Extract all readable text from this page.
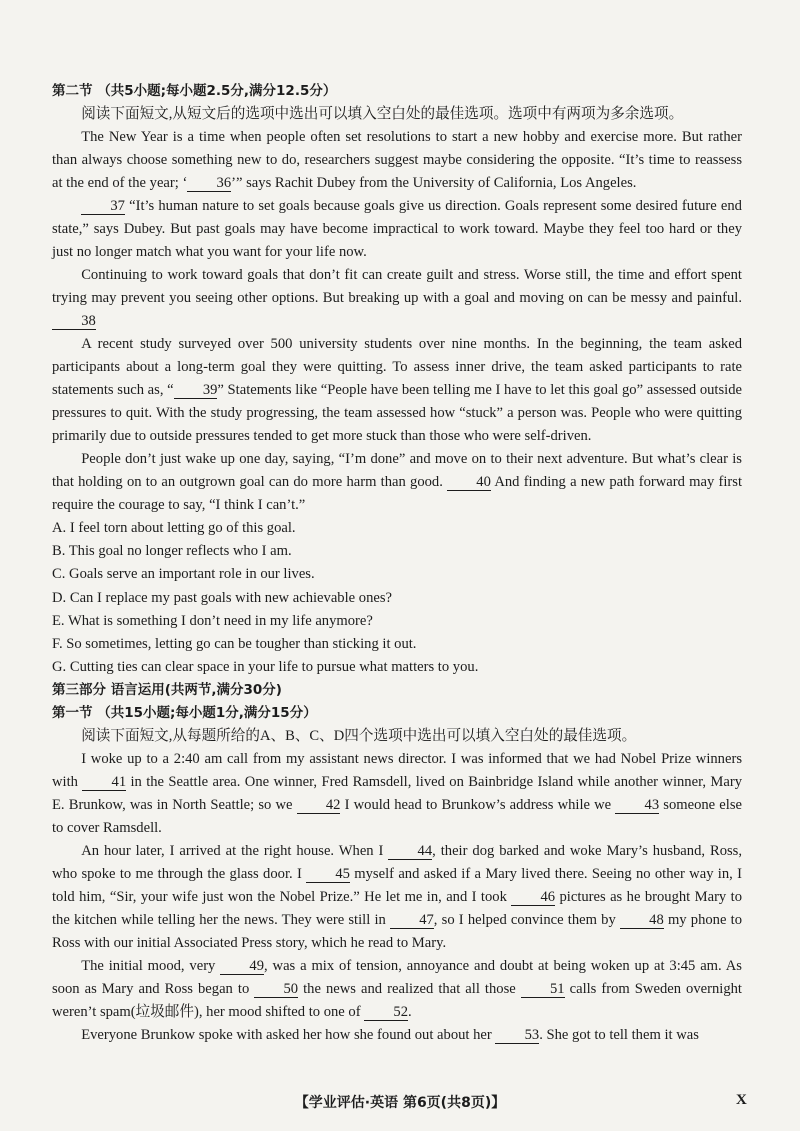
第二节 （共5小题;每小题2.5分,满分12.5分）

阅读下面短文,从短文后的选项中选出可以填入空白处的最佳选项。选项中有两项为多余选项。

The New Year is a time when people often set resolutions to start a new hobby and exercise more. But rather than always choose something new to do, researchers suggest maybe considering the opposite. “It’s time to reassess at the end of the year; ‘ 36’” says Rachit Dubey from the University of California, Los Angeles.

37 “It’s human nature to set goals because goals give us direction. Goals represent some desired future end state,” says Dubey. But past goals may have become impractical to work toward. Maybe they feel too hard or they just no longer match what you want for your life now.

Continuing to work toward goals that don’t fit can create guilt and stress. Worse still, the time and effort spent trying may prevent you seeing other options. But breaking up with a goal and moving on can be messy and painful. 38

A recent study surveyed over 500 university students over nine months. In the beginning, the team asked participants about a long-term goal they were quitting. To assess inner drive, the team asked participants to rate statements such as, “ 39” Statements like “People have been telling me I have to let this goal go” assessed outside pressures to quit. With the study progressing, the team assessed how “stuck” a person was. People who were quitting primarily due to outside pressures tended to get more stuck than those who were self-driven.

People don’t just wake up one day, saying, “I’m done” and move on to their next adventure. But what’s clear is that holding on to an outgrown goal can do more harm than good. 40 And finding a new path forward may first require the courage to say, “I think I can’t.”

A. I feel torn about letting go of this goal.

B. This goal no longer reflects who I am.

C. Goals serve an important role in our lives.

D. Can I replace my past goals with new achievable ones?

E. What is something I don’t need in my life anymore?

F. So sometimes, letting go can be tougher than sticking it out.

G. Cutting ties can clear space in your life to pursue what matters to you.

第三部分 语言运用(共两节,满分30分)

第一节 （共15小题;每小题1分,满分15分）

阅读下面短文,从每题所给的A、B、C、D四个选项中选出可以填入空白处的最佳选项。

I woke up to a 2:40 am call from my assistant news director. I was informed that we had Nobel Prize winners with 41 in the Seattle area. One winner, Fred Ramsdell, lived on Bainbridge Island while another winner, Mary E. Brunkow, was in North Seattle; so we 42 I would head to Brunkow’s address while we 43 someone else to cover Ramsdell.

An hour later, I arrived at the right house. When I 44, their dog barked and woke Mary’s husband, Ross, who spoke to me through the glass door. I 45 myself and asked if a Mary lived there. Seeing no other way in, I told him, “Sir, your wife just won the Nobel Prize.” He let me in, and I took 46 pictures as he brought Mary to the kitchen while telling her the news. They were still in 47, so I helped convince them by 48 my phone to Ross with our initial Associated Press story, which he read to Mary.

The initial mood, very 49, was a mix of tension, annoyance and doubt at being woken up at 3:45 am. As soon as Mary and Ross began to 50 the news and realized that all those 51 calls from Sweden overnight weren’t spam(垃圾邮件), her mood shifted to one of 52.

Everyone Brunkow spoke with asked her how she found out about her 53. She got to tell them it was

【学业评估·英语 第6页(共8页)】	X
